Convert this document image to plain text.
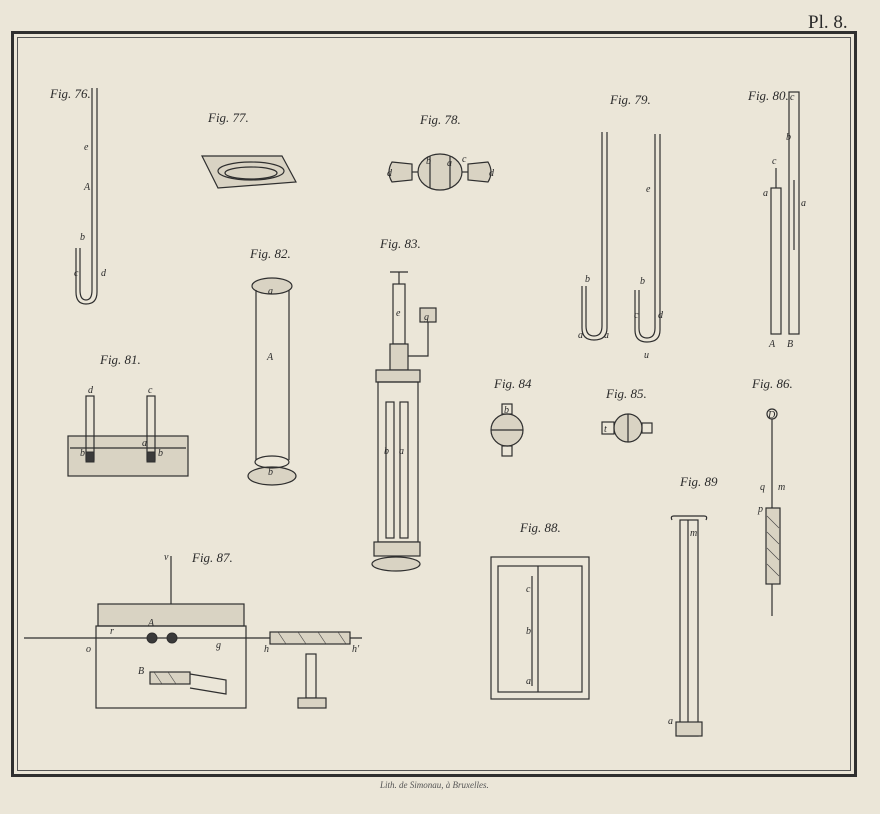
Pl. 8.
Lith. de Simonau, à Bruxelles.
Fig. 76.
e
A
b
c d
Fig. 77.	Fig. 78.
d
b a c
d
Fig. 79.
e
b	b
a a
c d
u
Fig. 80. c
b
c
a
a
A B
Fig. 81.
d	c
a
b	b
Fig. 82.
a
A
b
Fig. 83.
e g
b a
Fig. 84
b
Fig. 85.
t
Fig. 86.
D
m
q
p
Fig. 87.
v
A
r
o	g	h	h'
B
Fig. 88.
c
b
a
Fig. 89
m
a
